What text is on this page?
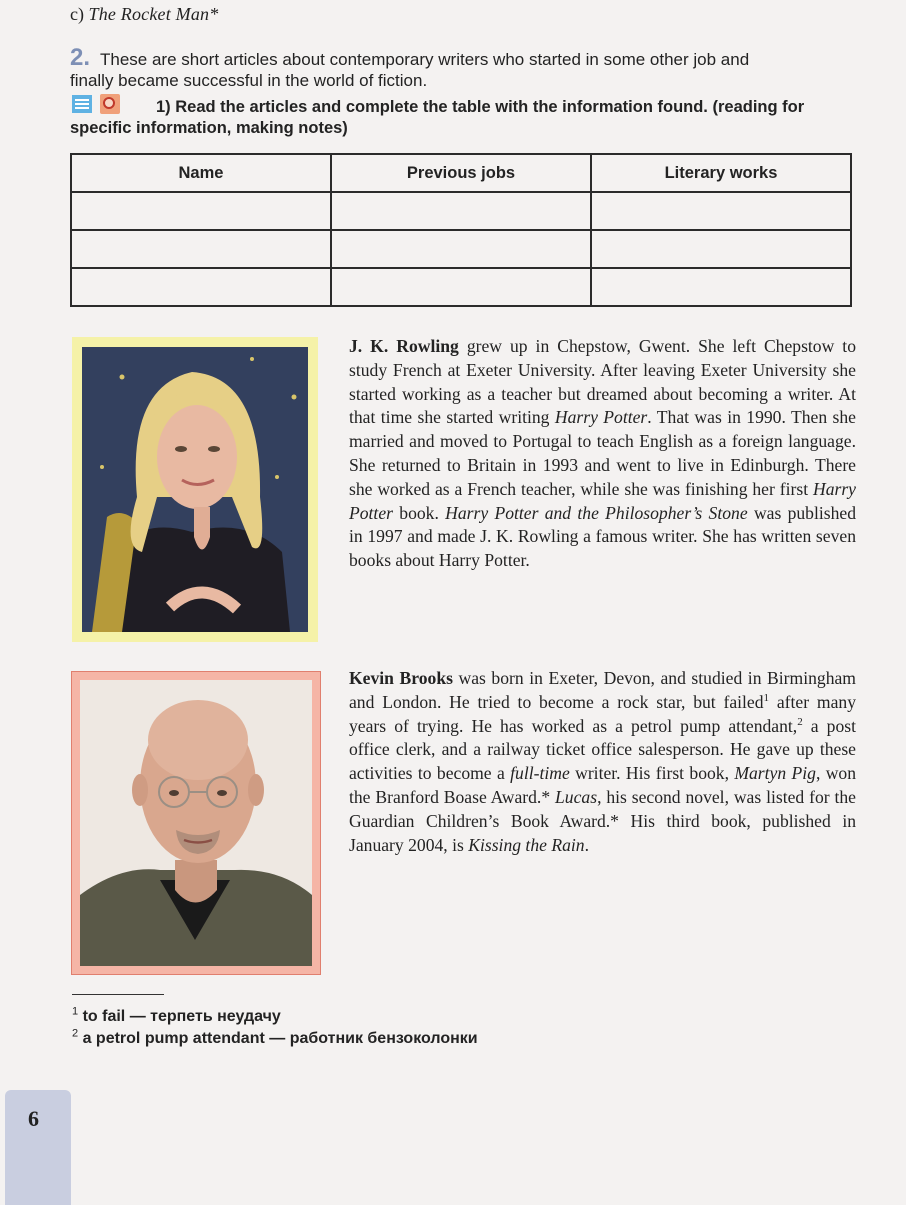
c) The Rocket Man*
2. These are short articles about contemporary writers who started in some other job and
finally became successful in the world of fiction.
1) Read the articles and complete the table with the information found. (reading for specific information, making notes)
Name	Previous jobs	Literary works

J. K. Rowling grew up in Chepstow, Gwent. She left Chepstow to study French at Exeter University. After leaving Exeter University she started working as a teacher but dreamed about becoming a writer. At that time she started writing Harry Potter. That was in 1990. Then she married and moved to Portugal to teach English as a foreign language. She returned to Britain in 1993 and went to live in Edinburgh. There she worked as a French teacher, while she was finishing her first Harry Potter book. Harry Potter and the Philosopher’s Stone was published in 1997 and made J. K. Rowling a famous writer. She has written seven books about Harry Potter.
Kevin Brooks was born in Exeter, Devon, and studied in Birmingham and London. He tried to become a rock star, but failed$^1$ after many years of trying. He has worked as a petrol pump attendant,$^2$ a post office clerk, and a railway ticket office salesperson. He gave up these activities to become a full-time writer. His first book, Martyn Pig, won the Branford Boase Award.* Lucas, his second novel, was listed for the Guardian Children’s Book Award.* His third book, published in January 2004, is Kissing the Rain.
$^1$ to fail — терпеть неудачу
$^2$ a petrol pump attendant — работник бензоколонки
6
